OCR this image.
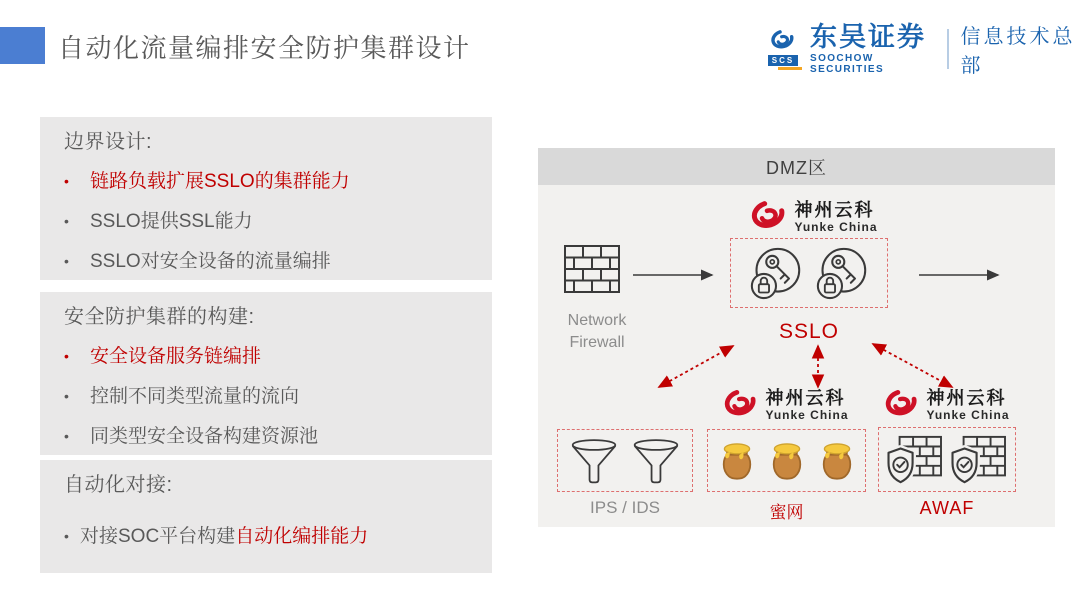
自动化流量编排安全防护集群设计	SCS
东吴证券
SOOCHOW SECURITIES
信息技术总部
边界设计:
•
链路负载扩展SSLO的集群能力
•
SSLO提供SSL能力
•
SSLO对安全设备的流量编排
安全防护集群的构建:
•
安全设备服务链编排
•
控制不同类型流量的流向
•
同类型安全设备构建资源池
自动化对接:
•
对接SOC平台构建自动化编排能力
DMZ区
Network
Firewall
神州云科
Yunke China
SSLO
神州云科
Yunke China
神州云科
Yunke China
IPS / IDS	蜜网	AWAF
